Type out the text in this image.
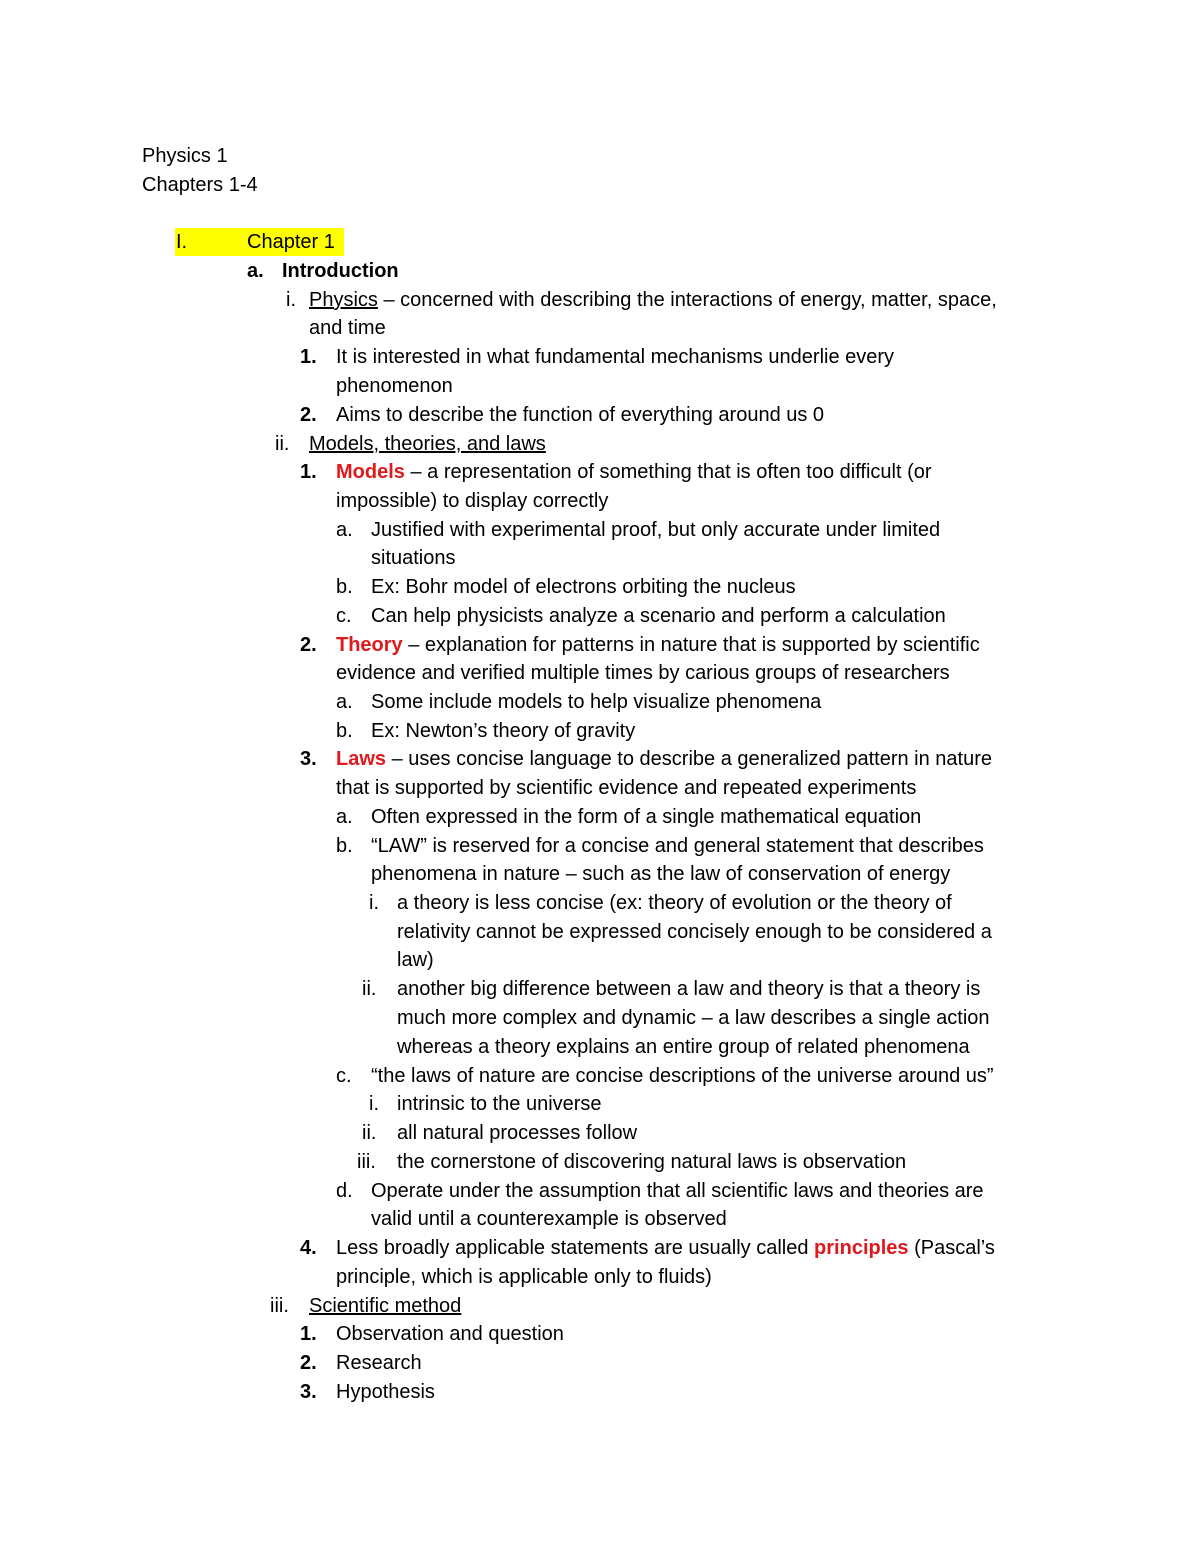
Physics 1
Chapters 1-4
I.	Chapter 1
a. Introduction
i. Physics – concerned with describing the interactions of energy, matter, space,
and time
1. It is interested in what fundamental mechanisms underlie every
phenomenon
2. Aims to describe the function of everything around us 0
ii. Models, theories, and laws
1. Models – a representation of something that is often too difficult (or
impossible) to display correctly
a. Justified with experimental proof, but only accurate under limited
situations
b. Ex: Bohr model of electrons orbiting the nucleus
c. Can help physicists analyze a scenario and perform a calculation
2. Theory – explanation for patterns in nature that is supported by scientific
evidence and verified multiple times by carious groups of researchers
a. Some include models to help visualize phenomena
b. Ex: Newton’s theory of gravity
3. Laws – uses concise language to describe a generalized pattern in nature
that is supported by scientific evidence and repeated experiments
a. Often expressed in the form of a single mathematical equation
b. “LAW” is reserved for a concise and general statement that describes
phenomena in nature – such as the law of conservation of energy
i. a theory is less concise (ex: theory of evolution or the theory of
relativity cannot be expressed concisely enough to be considered a
law)
ii. another big difference between a law and theory is that a theory is
much more complex and dynamic – a law describes a single action
whereas a theory explains an entire group of related phenomena
c. “the laws of nature are concise descriptions of the universe around us”
i. intrinsic to the universe
ii. all natural processes follow
iii. the cornerstone of discovering natural laws is observation
d. Operate under the assumption that all scientific laws and theories are
valid until a counterexample is observed
4. Less broadly applicable statements are usually called principles (Pascal’s
principle, which is applicable only to fluids)
iii. Scientific method
1. Observation and question
2. Research
3. Hypothesis
